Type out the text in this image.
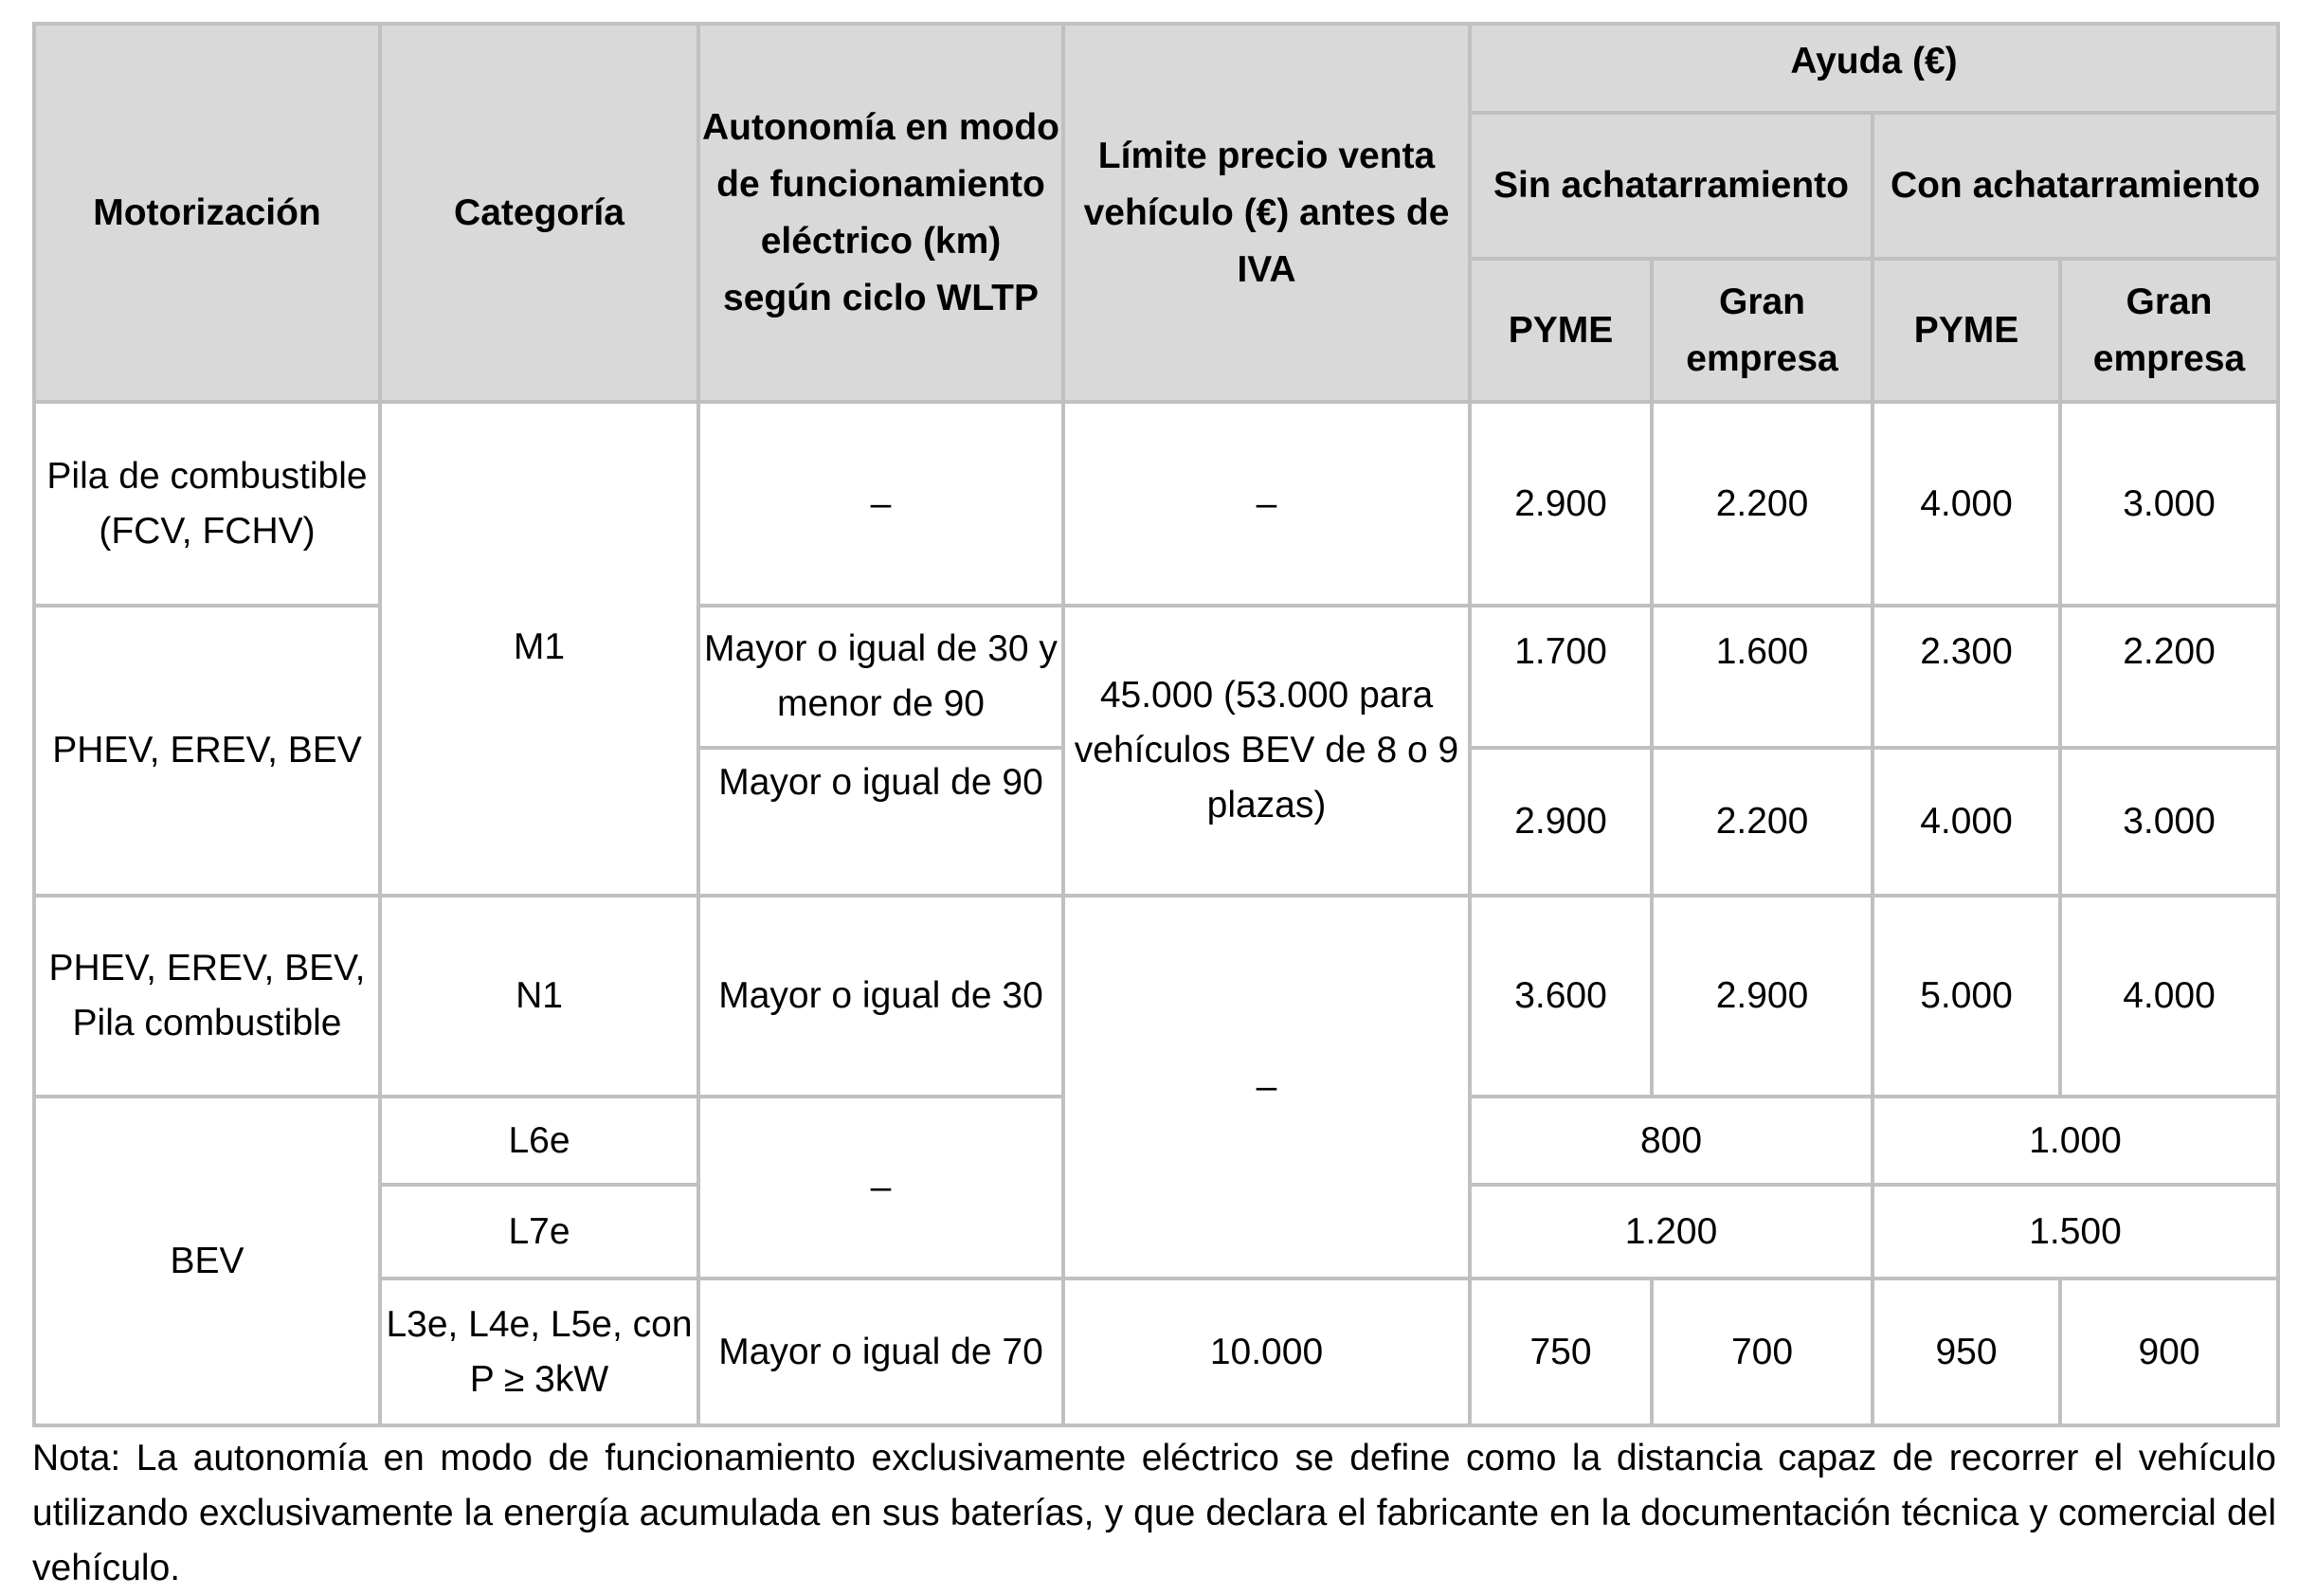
Motorización	Categoría	Autonomía en modo de funcionamiento eléctrico (km) según ciclo WLTP	Límite precio venta vehículo (€) antes de IVA	Ayuda (€)			
				Sin achatarramiento		Con achatarramiento	
				PYME	Gran empresa	PYME	Gran empresa
Pila de combustible (FCV, FCHV)	M1	–	–	2.900	2.200	4.000	3.000
PHEV, EREV, BEV		Mayor o igual de 30 y menor de 90	45.000 (53.000 para vehículos BEV de 8 o 9 plazas)	1.700	1.600	2.300	2.200
		Mayor o igual de 90		2.900	2.200	4.000	3.000
PHEV, EREV, BEV, Pila combustible	N1	Mayor o igual de 30	–	3.600	2.900	5.000	4.000
BEV	L6e	–		800		1.000	
	L7e			1.200		1.500	
	L3e, L4e, L5e, con P ≥ 3kW	Mayor o igual de 70	10.000	750	700	950	900
Nota: La autonomía en modo de funcionamiento exclusivamente eléctrico se define como la distancia capaz de recorrer el vehículo utilizando exclusivamente la energía acumulada en sus baterías, y que declara el fabricante en la documentación técnica y comercial del vehículo.
